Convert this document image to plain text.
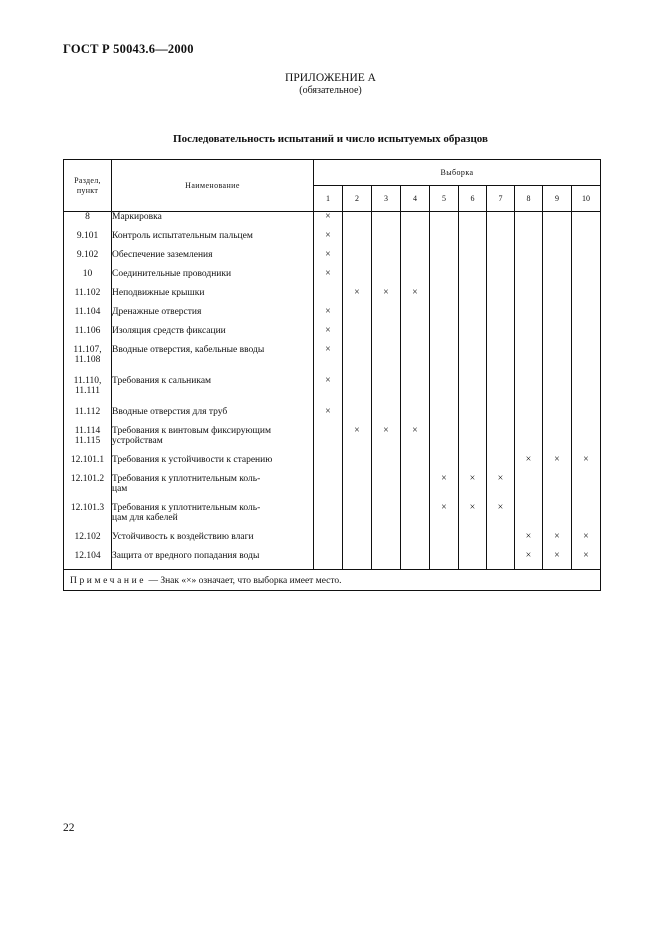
ГОСТ Р 50043.6—2000
ПРИЛОЖЕНИЕ А
(обязательное)
Последовательность испытаний и число испытуемых образцов
Раздел,
пункт	Наименование	Выборка									
		1	2	3	4	5	6	7	8	9	10
8	Маркировка	×									
9.101	Контроль испытательным пальцем	×									
9.102	Обеспечение заземления	×									
10	Соединительные проводники	×									
11.102	Неподвижные крышки		×	×	×						
11.104	Дренажные отверстия	×									
11.106	Изоляция средств фиксации	×									
11.107,
11.108	Вводные отверстия, кабельные вводы	×									
11.110,
11.111	Требования к сальникам	×									
11.112	Вводные отверстия для труб	×									
11.114
11.115	Требования к винтовым фиксирующим
устройствам		×	×	×						
12.101.1	Требования к устойчивости к старению								×	×	×
12.101.2	Требования к уплотнительным коль-
цам					×	×	×			
12.101.3	Требования к уплотнительным коль-
цам для кабелей					×	×	×			
12.102	Устойчивость к воздействию влаги								×	×	×
12.104	Защита от вредного попадания воды								×	×	×
Примечание — Знак «×» означает, что выборка имеет место.											
22
